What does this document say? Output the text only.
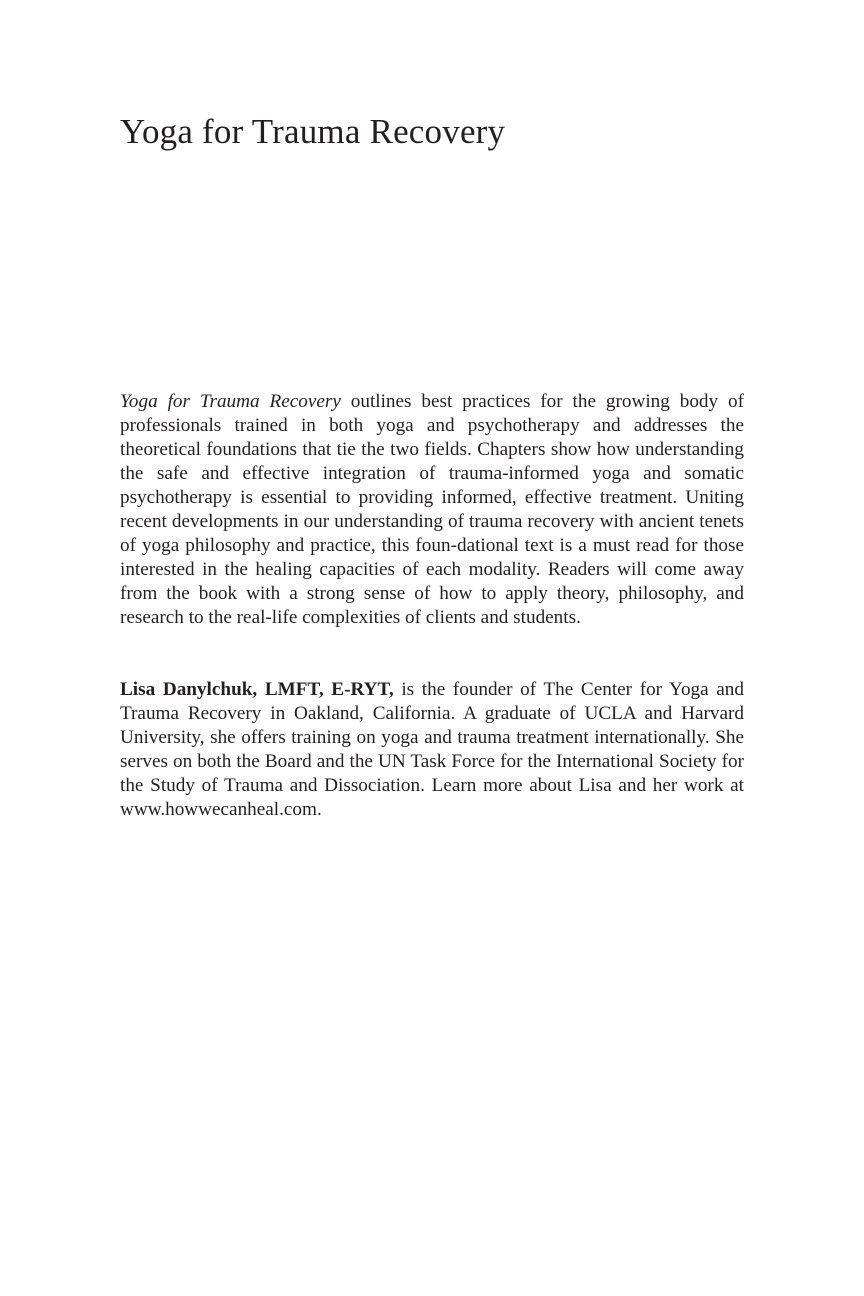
Yoga for Trauma Recovery

Yoga for Trauma Recovery outlines best practices for the growing body of professionals trained in both yoga and psychotherapy and addresses the theoretical foundations that tie the two fields. Chapters show how understanding the safe and effective integration of trauma-informed yoga and somatic psychotherapy is essential to providing informed, effective treatment. Uniting recent developments in our understanding of trauma recovery with ancient tenets of yoga philosophy and practice, this foun-dational text is a must read for those interested in the healing capacities of each modality. Readers will come away from the book with a strong sense of how to apply theory, philosophy, and research to the real-life complexities of clients and students.

Lisa Danylchuk, LMFT, E-RYT, is the founder of The Center for Yoga and Trauma Recovery in Oakland, California. A graduate of UCLA and Harvard University, she offers training on yoga and trauma treatment internationally. She serves on both the Board and the UN Task Force for the International Society for the Study of Trauma and Dissociation. Learn more about Lisa and her work at www.howwecanheal.com.
